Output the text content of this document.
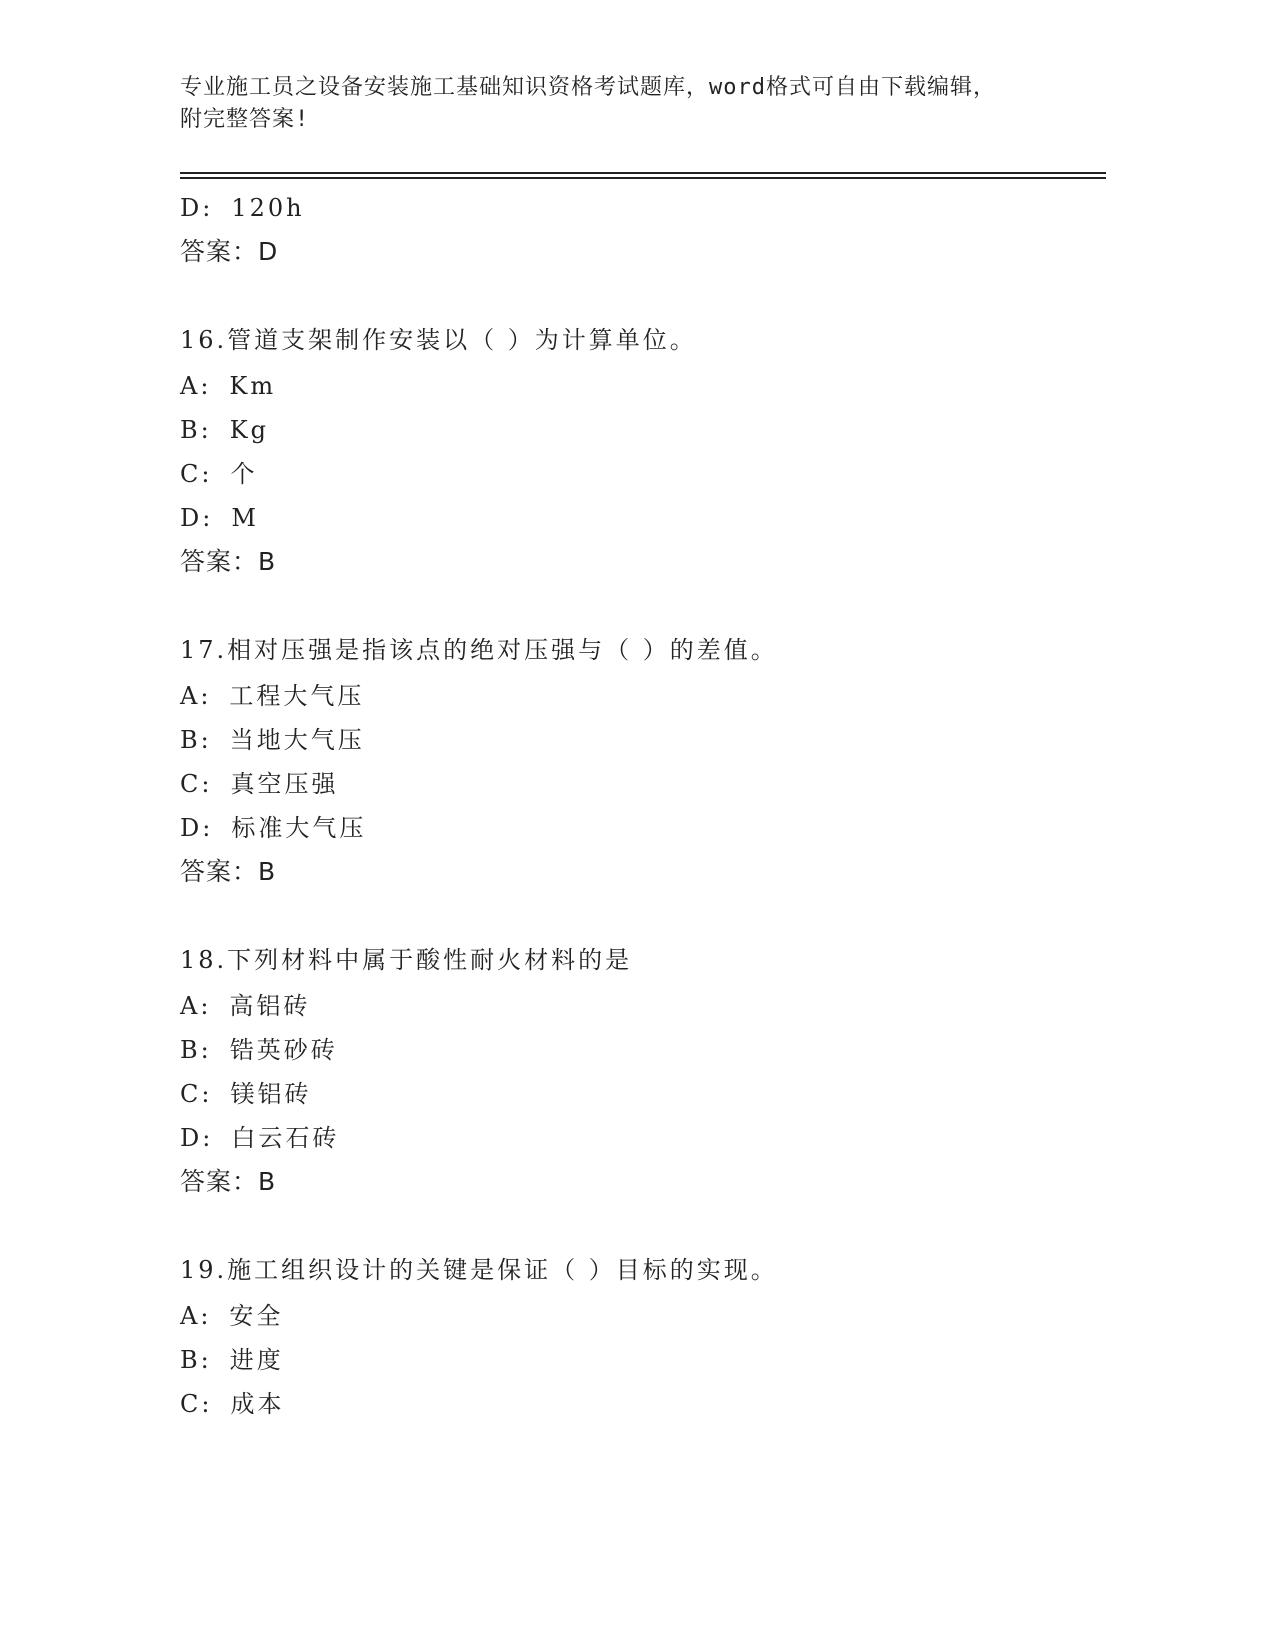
专业施工员之设备安装施工基础知识资格考试题库，word格式可自由下载编辑，
附完整答案!
D: 120h
答案：D
16.管道支架制作安装以（ ）为计算单位。
A: Km
B: Kg
C: 个
D: M
答案：B
17.相对压强是指该点的绝对压强与（ ）的差值。
A: 工程大气压
B: 当地大气压
C: 真空压强
D: 标准大气压
答案：B
18.下列材料中属于酸性耐火材料的是
A: 高铝砖
B: 锆英砂砖
C: 镁铝砖
D: 白云石砖
答案：B
19.施工组织设计的关键是保证（ ）目标的实现。
A: 安全
B: 进度
C: 成本
